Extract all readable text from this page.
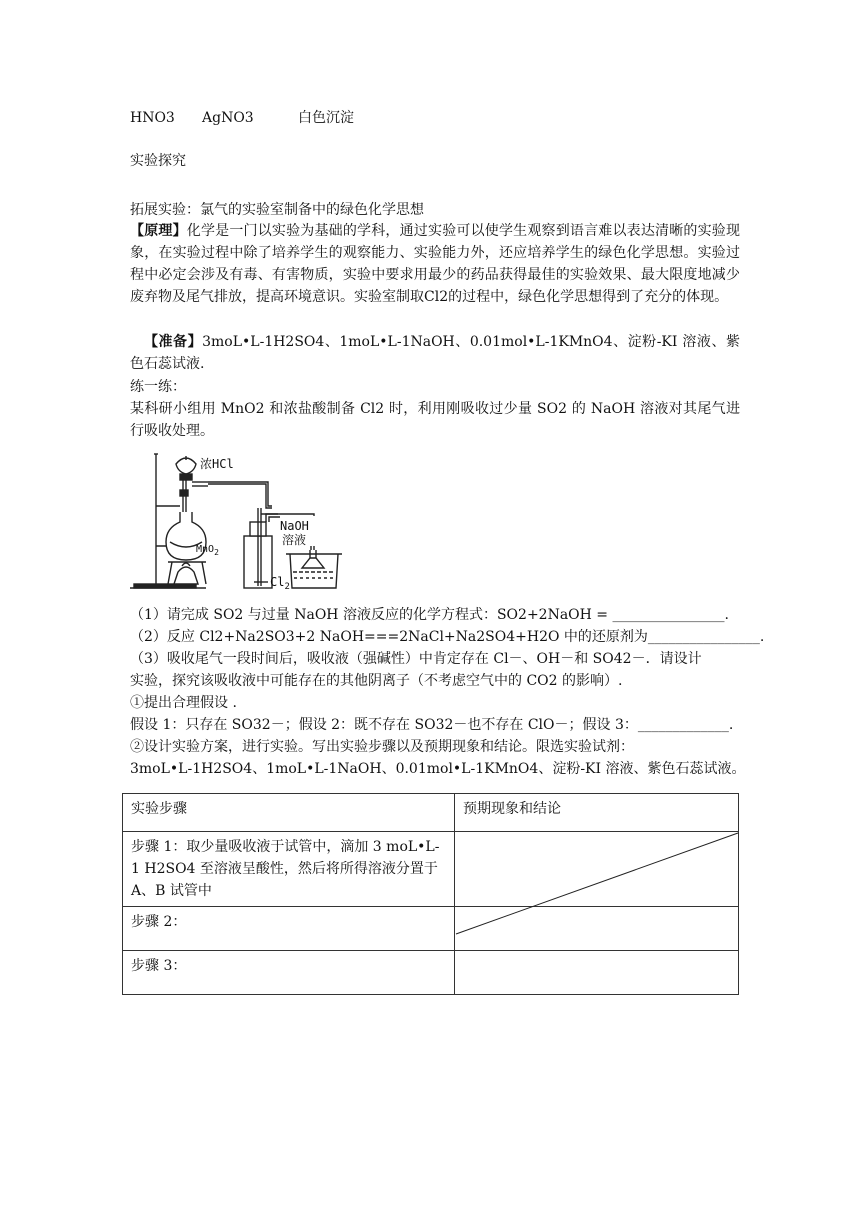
HNO3 AgNO3	白色沉淀
实验探究
拓展实验：氯气的实验室制备中的绿色化学思想
【原理】化学是一门以实验为基础的学科，通过实验可以使学生观察到语言难以表达清晰的实验现象，在实验过程中除了培养学生的观察能力、实验能力外，还应培养学生的绿色化学思想。实验过程中必定会涉及有毒、有害物质，实验中要求用最少的药品获得最佳的实验效果、最大限度地减少废弃物及尾气排放，提高环境意识。实验室制取Cl2的过程中，绿色化学思想得到了充分的体现。
【准备】3moL•L-1H2SO4、1moL•L-1NaOH、0.01mol•L-1KMnO4、淀粉-KI 溶液、紫色石蕊试液.
练一练：
某科研小组用 MnO2 和浓盐酸制备 Cl2 时，利用刚吸收过少量 SO2 的 NaOH 溶液对其尾气进行吸收处理。
浓HCl
NaOH
溶液
MnO$_2$
$Cl_2$
（1）请完成 SO2 与过量 NaOH 溶液反应的化学方程式：SO2+2NaOH = ________________.
（2）反应 Cl2+Na2SO3+2 NaOH===2NaCl+Na2SO4+H2O 中的还原剂为________________.
（3）吸收尾气一段时间后，吸收液（强碱性）中肯定存在 Cl－、OH－和 SO42－．请设计
实验，探究该吸收液中可能存在的其他阴离子（不考虑空气中的 CO2 的影响）.
①提出合理假设 .
假设 1：只存在 SO32－；假设 2：既不存在 SO32－也不存在 ClO－；假设 3：_____________.
②设计实验方案，进行实验。写出实验步骤以及预期现象和结论。限选实验试剂：
3moL•L-1H2SO4、1moL•L-1NaOH、0.01mol•L-1KMnO4、淀粉-KI 溶液、紫色石蕊试液。
实验步骤	预期现象和结论
步骤 1：取少量吸收液于试管中，滴加 3 moL•L-1 H2SO4 至溶液呈酸性，然后将所得溶液分置于 A、B 试管中	
步骤 2：	
步骤 3：	
